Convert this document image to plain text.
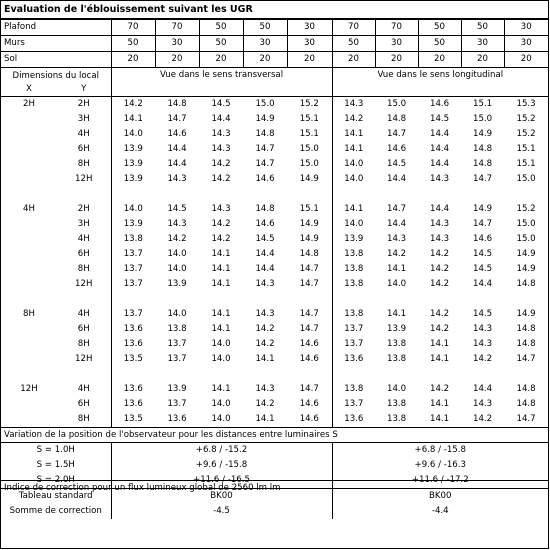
Evaluation de l'éblouissement suivant les UGR
Plafond	70	70	50	50	30	70	70	50	50	30
Murs	50	30	50	30	30	50	30	50	30	30
Sol	20	20	20	20	20	20	20	20	20	20
Dimensions du local		Vue dans le sens transversal					Vue dans le sens longitudinal				
X	Y										
2H	2H	14.2	14.8	14.5	15.0	15.2	14.3	15.0	14.6	15.1	15.3
	3H	14.1	14.7	14.4	14.9	15.1	14.2	14.8	14.5	15.0	15.2
	4H	14.0	14.6	14.3	14.8	15.1	14.1	14.7	14.4	14.9	15.2
	6H	13.9	14.4	14.3	14.7	15.0	14.1	14.6	14.4	14.8	15.1
	8H	13.9	14.4	14.2	14.7	15.0	14.0	14.5	14.4	14.8	15.1
	12H	13.9	14.3	14.2	14.6	14.9	14.0	14.4	14.3	14.7	15.0

4H	2H	14.0	14.5	14.3	14.8	15.1	14.1	14.7	14.4	14.9	15.2
	3H	13.9	14.3	14.2	14.6	14.9	14.0	14.4	14.3	14.7	15.0
	4H	13.8	14.2	14.2	14.5	14.9	13.9	14.3	14.3	14.6	15.0
	6H	13.7	14.0	14.1	14.4	14.8	13.8	14.2	14.2	14.5	14.9
	8H	13.7	14.0	14.1	14.4	14.7	13.8	14.1	14.2	14.5	14.9
	12H	13.7	13.9	14.1	14.3	14.7	13.8	14.0	14.2	14.4	14.8

8H	4H	13.7	14.0	14.1	14.3	14.7	13.8	14.1	14.2	14.5	14.9
	6H	13.6	13.8	14.1	14.2	14.7	13.7	13.9	14.2	14.3	14.8
	8H	13.6	13.7	14.0	14.2	14.6	13.7	13.8	14.1	14.3	14.8
	12H	13.5	13.7	14.0	14.1	14.6	13.6	13.8	14.1	14.2	14.7

12H	4H	13.6	13.9	14.1	14.3	14.7	13.8	14.0	14.2	14.4	14.8
	6H	13.6	13.7	14.0	14.2	14.6	13.7	13.8	14.1	14.3	14.8
	8H	13.5	13.6	14.0	14.1	14.6	13.6	13.8	14.1	14.2	14.7
Variation de la position de l'observateur pour les distances entre luminaires S		
S = 1.0H	+6.8 / -15.2	+6.8 / -15.8
S = 1.5H	+9.6 / -15.8	+9.6 / -16.3
S = 2.0H	+11.6 / -16.5	+11.6 / -17.2
Tableau standard	BK00	BK00
Somme de correction	-4.5	-4.4
Indice de correction pour un flux lumineux global de 2560 lm lm
